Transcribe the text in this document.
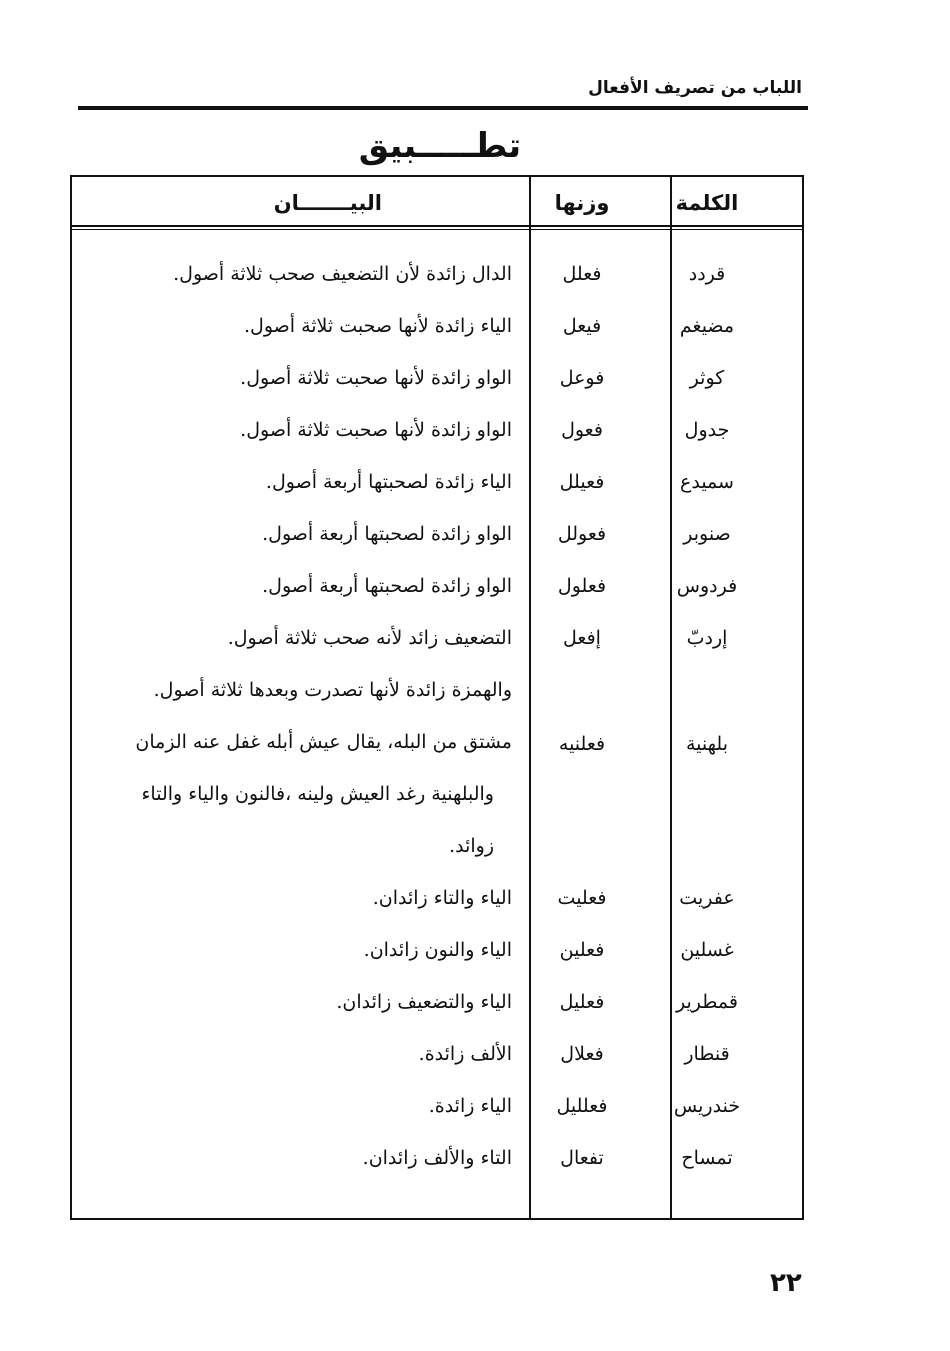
اللباب من تصريف الأفعال
تطـــــبيق
الكلمة
وزنها
البيـــــــان
قردد
فعلل
الدال زائدة لأن التضعيف صحب ثلاثة أصول.
مضيغم
فيعل
الياء زائدة لأنها صحبت ثلاثة أصول.
كوثر
فوعل
الواو زائدة لأنها صحبت ثلاثة أصول.
جدول
فعول
الواو زائدة لأنها صحبت ثلاثة أصول.
سميدع
فعيلل
الياء زائدة لصحبتها أربعة أصول.
صنوبر
فعولل
الواو زائدة لصحبتها أربعة أصول.
فردوس
فعلول
الواو زائدة لصحبتها أربعة أصول.
إردبّ
إفعل
التضعيف زائد لأنه صحب ثلاثة أصول.
والهمزة زائدة لأنها تصدرت وبعدها ثلاثة أصول.
بلهنية
فعلنيه
مشتق من البله، يقال عيش أبله غفل عنه الزمان
والبلهنية رغد العيش ولينه ،فالنون والياء والتاء
زوائد.
عفريت
فعليت
الياء والتاء زائدان.
غسلين
فعلين
الياء والنون زائدان.
قمطرير
فعليل
الياء والتضعيف زائدان.
قنطار
فعلال
الألف زائدة.
خندريس
فعلليل
الياء زائدة.
تمساح
تفعال
التاء والألف زائدان.
٢٢
